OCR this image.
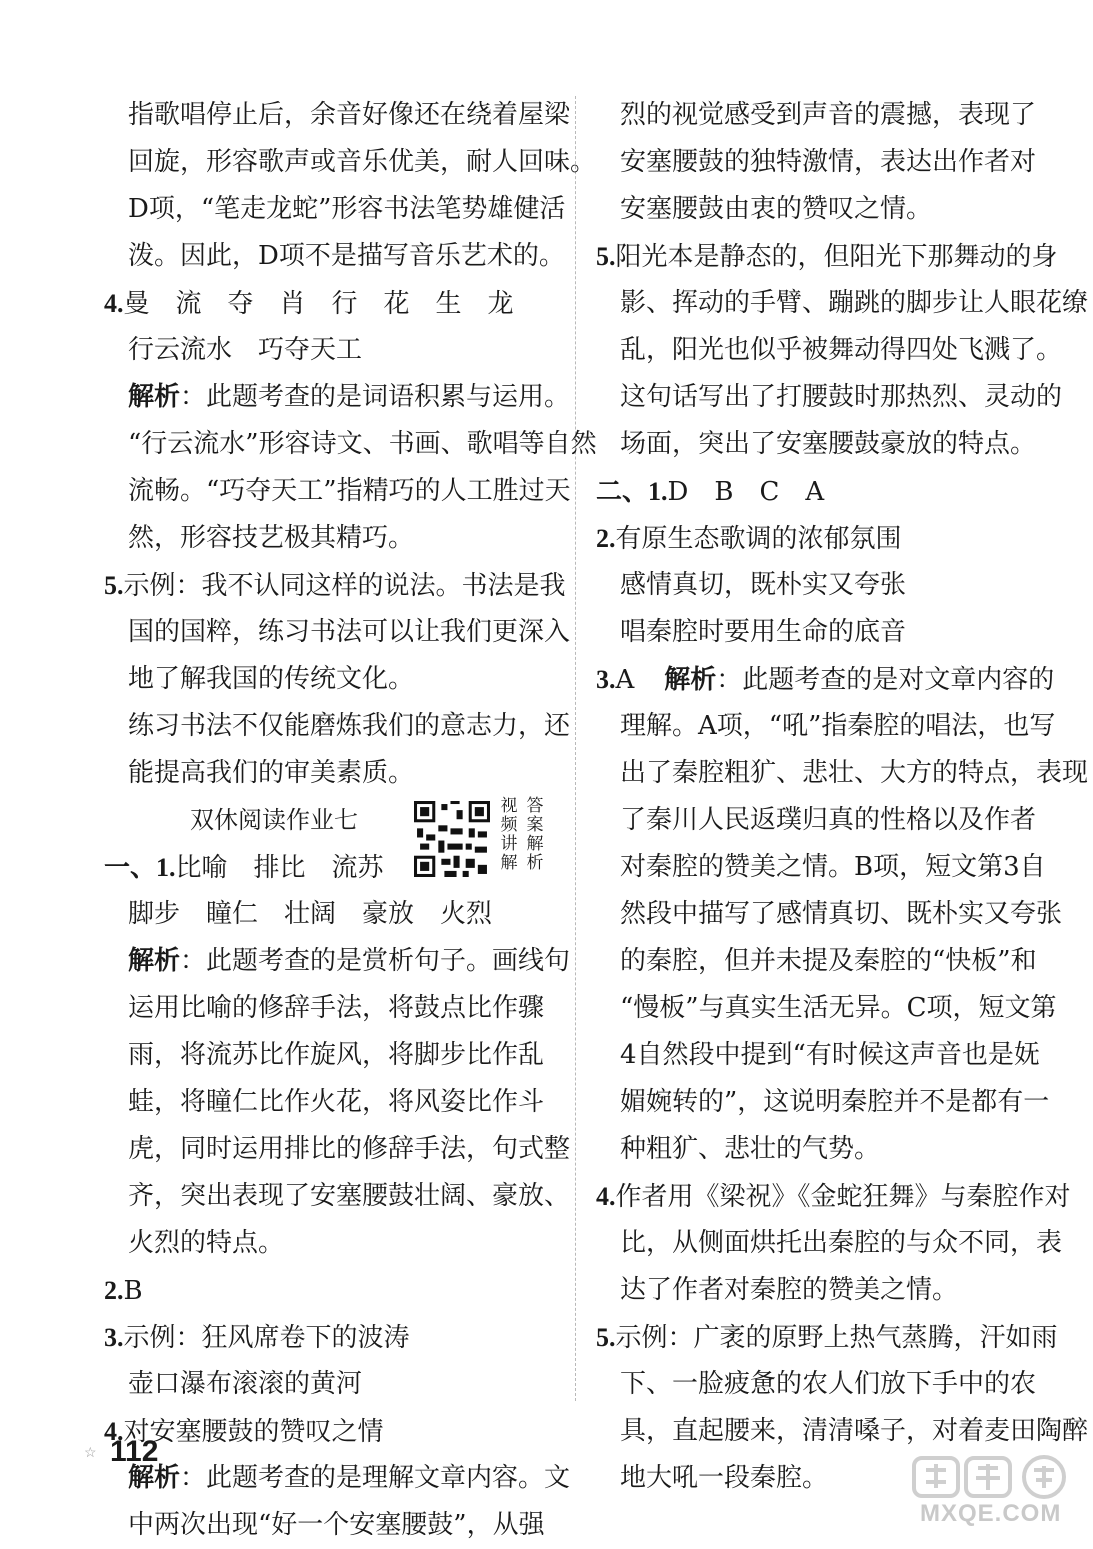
指歌唱停止后，余音好像还在绕着屋梁
回旋，形容歌声或音乐优美，耐人回味。
D项，“笔走龙蛇”形容书法笔势雄健活
泼。因此，D项不是描写音乐艺术的。
4.曼　流　夺　肖　行　花　生　龙
行云流水　巧夺天工
解析：此题考查的是词语积累与运用。
“行云流水”形容诗文、书画、歌唱等自然
流畅。“巧夺天工”指精巧的人工胜过天
然，形容技艺极其精巧。
5.示例：我不认同这样的说法。书法是我
国的国粹，练习书法可以让我们更深入
地了解我国的传统文化。
练习书法不仅能磨炼我们的意志力，还
能提高我们的审美素质。
双休阅读作业七	视频讲解
答案解析
一、1.比喻　排比　流苏
脚步　瞳仁　壮阔　豪放　火烈
解析：此题考查的是赏析句子。画线句
运用比喻的修辞手法，将鼓点比作骤
雨，将流苏比作旋风，将脚步比作乱
蛙，将瞳仁比作火花，将风姿比作斗
虎，同时运用排比的修辞手法，句式整
齐，突出表现了安塞腰鼓壮阔、豪放、
火烈的特点。
2.B
3.示例：狂风席卷下的波涛
壶口瀑布滚滚的黄河
4.对安塞腰鼓的赞叹之情
解析：此题考查的是理解文章内容。文
中两次出现“好一个安塞腰鼓”，从强
烈的视觉感受到声音的震撼，表现了
安塞腰鼓的独特激情，表达出作者对
安塞腰鼓由衷的赞叹之情。
5.阳光本是静态的，但阳光下那舞动的身
影、挥动的手臂、蹦跳的脚步让人眼花缭
乱，阳光也似乎被舞动得四处飞溅了。
这句话写出了打腰鼓时那热烈、灵动的
场面，突出了安塞腰鼓豪放的特点。
二、1.D　B　C　A
2.有原生态歌调的浓郁氛围
感情真切，既朴实又夸张
唱秦腔时要用生命的底音
3.A 解析：此题考查的是对文章内容的
理解。A项，“吼”指秦腔的唱法，也写
出了秦腔粗犷、悲壮、大方的特点，表现
了秦川人民返璞归真的性格以及作者
对秦腔的赞美之情。B项，短文第3自
然段中描写了感情真切、既朴实又夸张
的秦腔，但并未提及秦腔的“快板”和
“慢板”与真实生活无异。C项，短文第
4自然段中提到“有时候这声音也是妩
媚婉转的”，这说明秦腔并不是都有一
种粗犷、悲壮的气势。
4.作者用《梁祝》《金蛇狂舞》与秦腔作对
比，从侧面烘托出秦腔的与众不同，表
达了作者对秦腔的赞美之情。
5.示例：广袤的原野上热气蒸腾，汗如雨
下、一脸疲惫的农人们放下手中的农
具，直起腰来，清清嗓子，对着麦田陶醉
地大吼一段秦腔。
☆ 112
MXQE.COM
